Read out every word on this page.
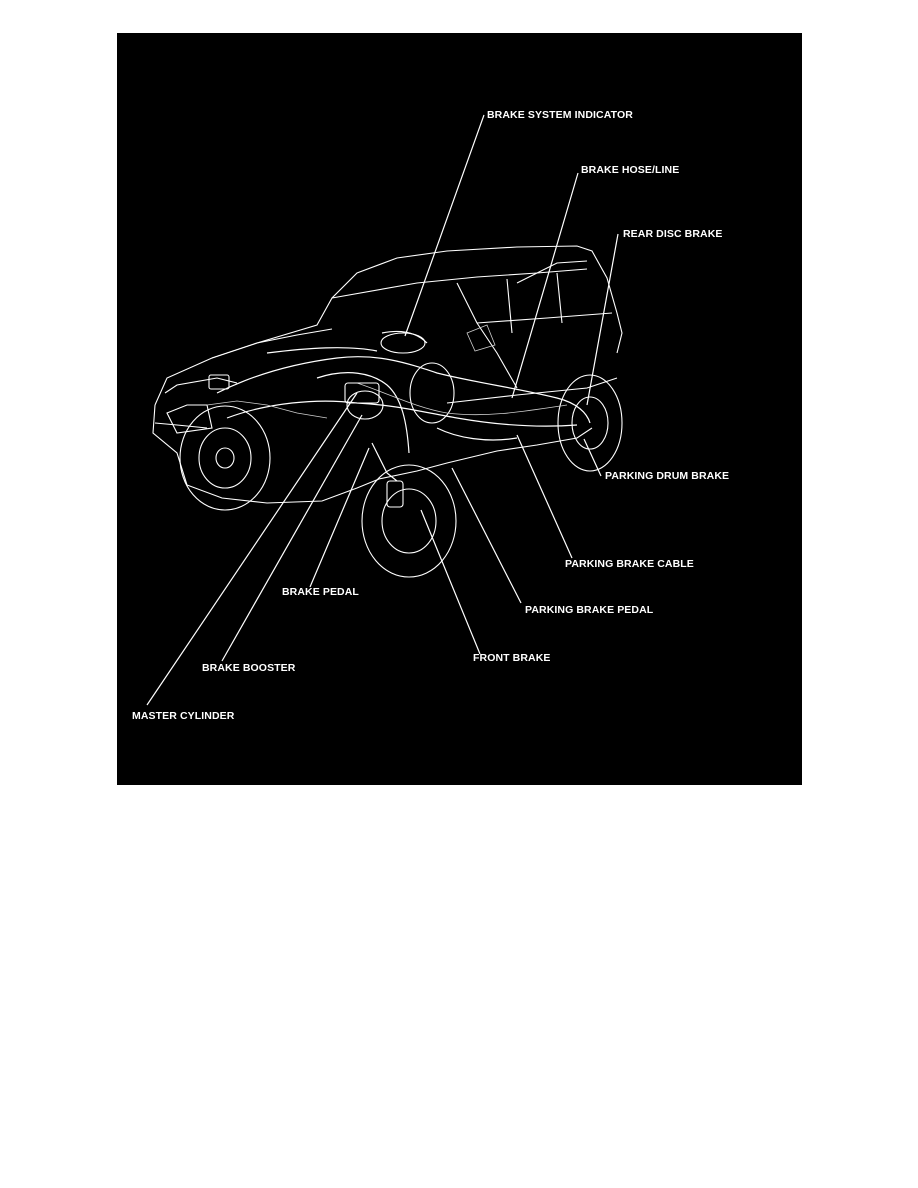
BRAKE SYSTEM INDICATOR
BRAKE HOSE/LINE
REAR DISC BRAKE
PARKING DRUM BRAKE
PARKING BRAKE CABLE
BRAKE PEDAL
PARKING BRAKE PEDAL
FRONT BRAKE
BRAKE BOOSTER
MASTER CYLINDER
